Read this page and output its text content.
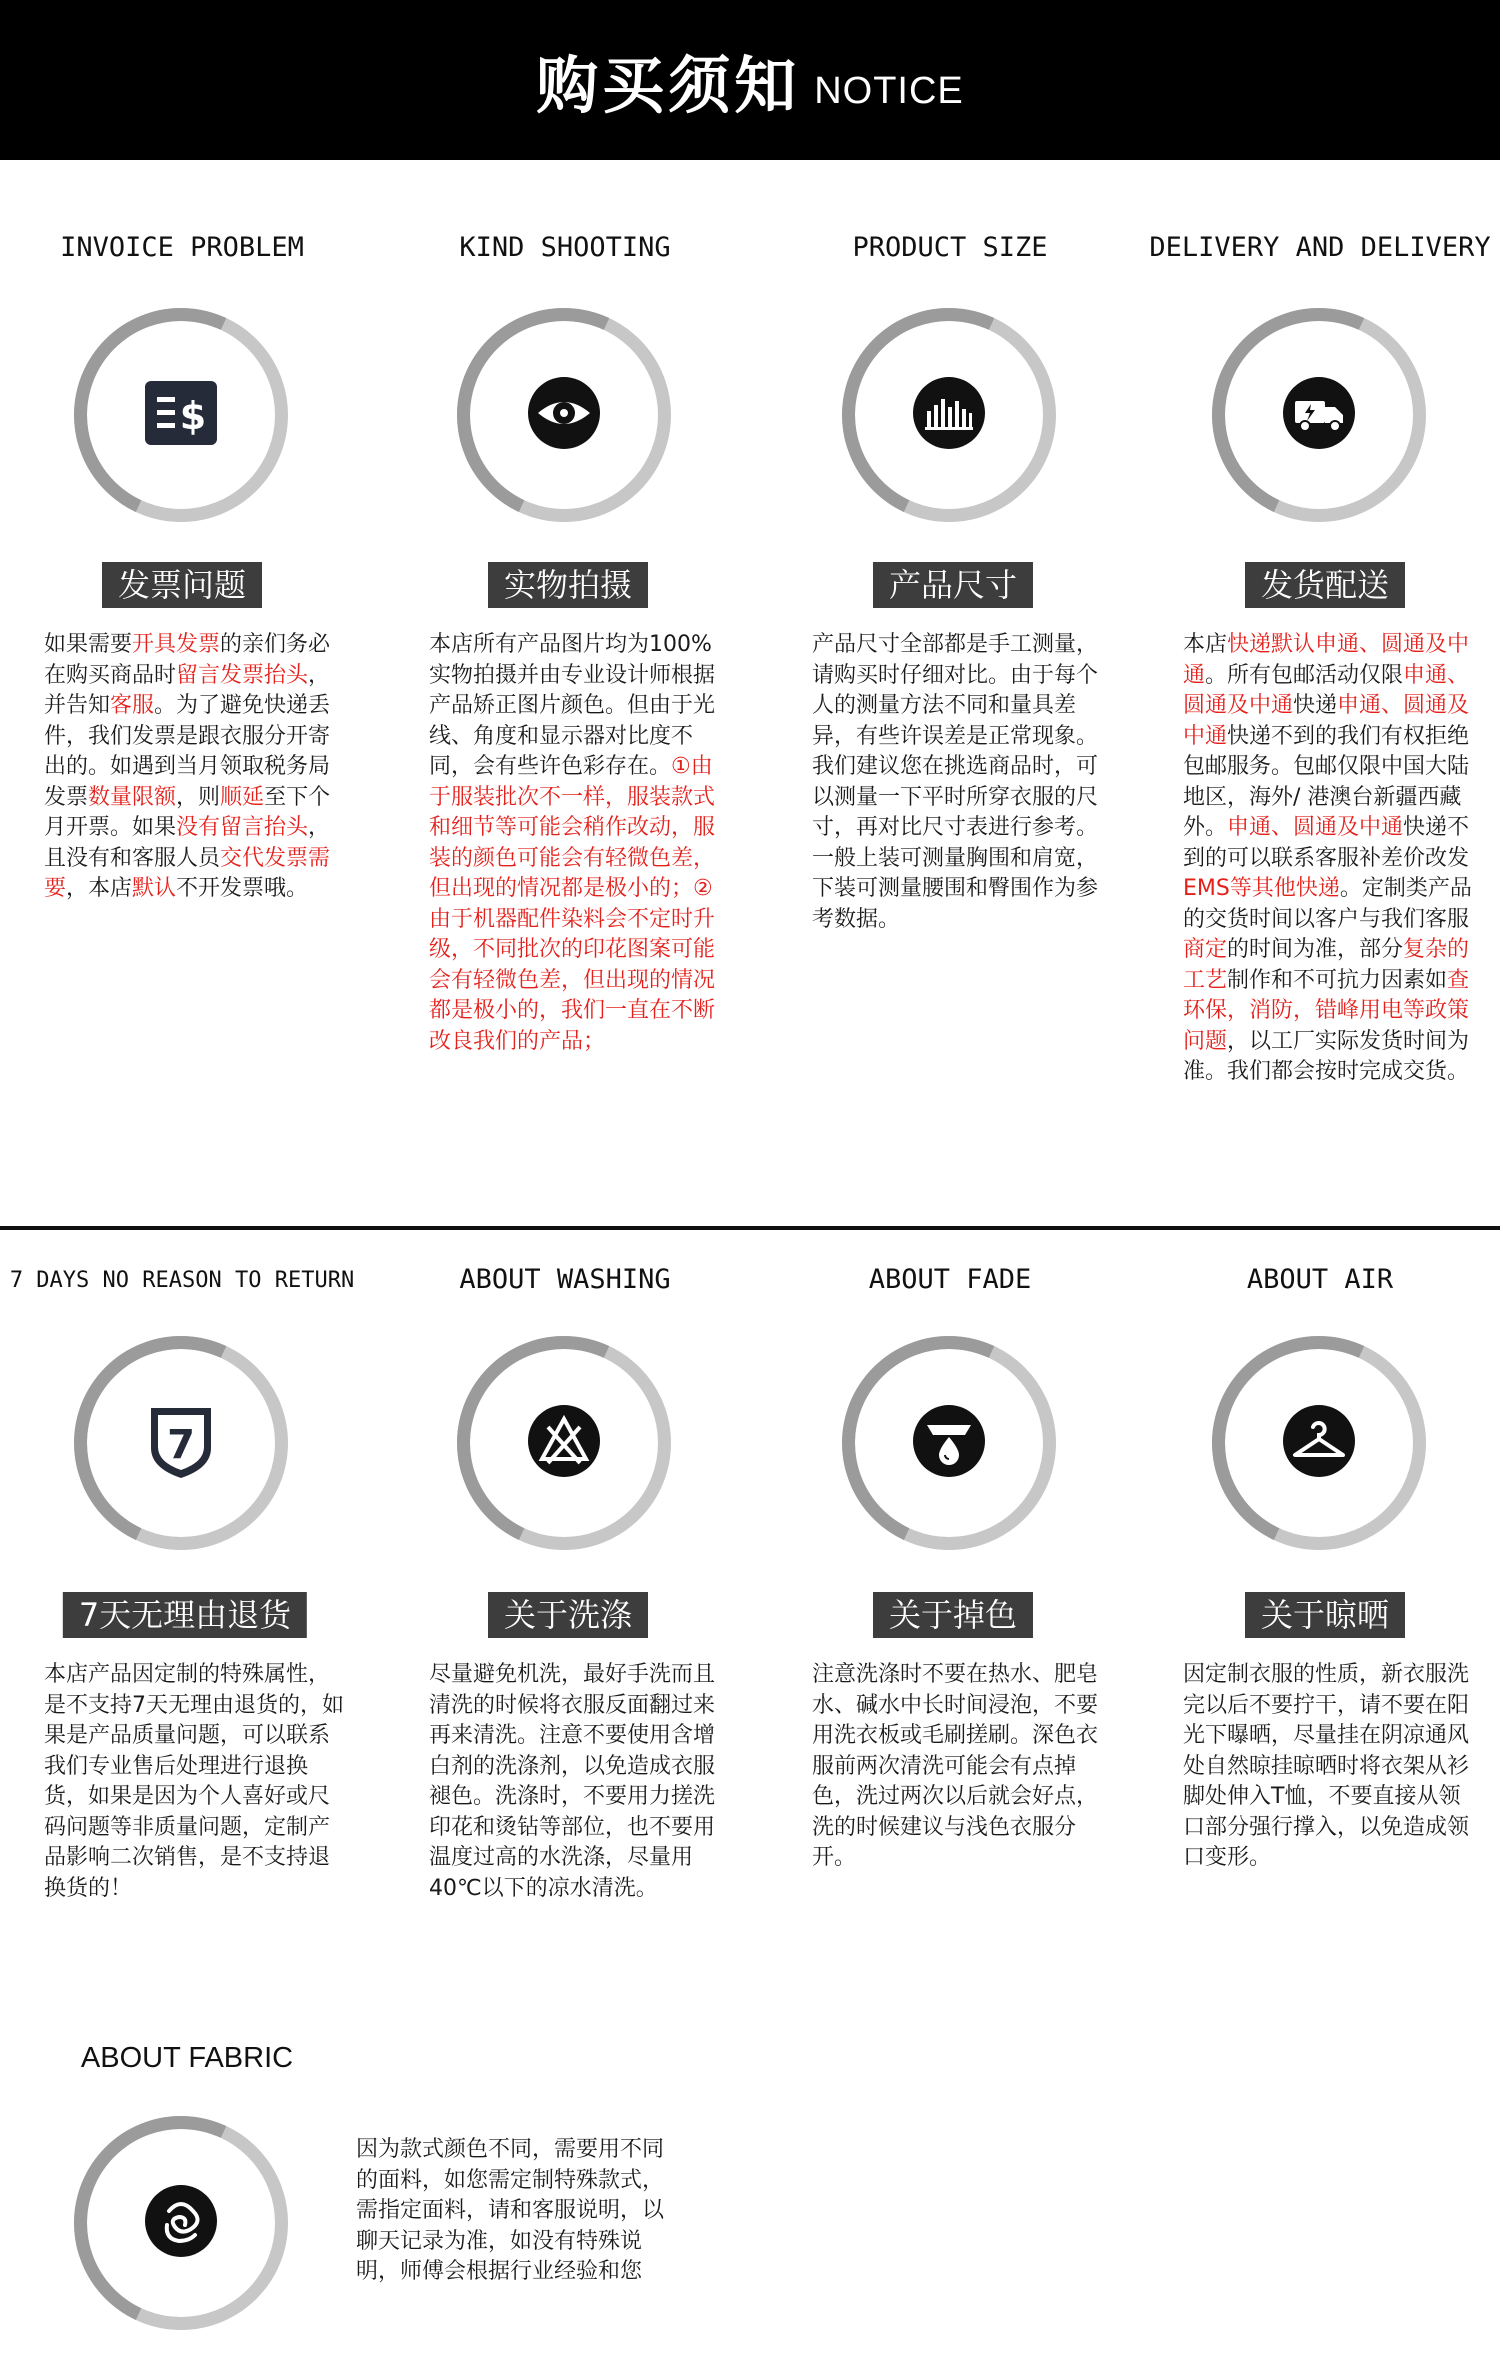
购买须知 NOTICE
INVOICE PROBLEM
$
发票问题
如果需要开具发票的亲们务必在购买商品时留言发票抬头，并告知客服。为了避免快递丢件，我们发票是跟衣服分开寄出的。如遇到当月领取税务局发票数量限额，则顺延至下个月开票。如果没有留言抬头，且没有和客服人员交代发票需要，本店默认不开发票哦。
KIND SHOOTING
实物拍摄
本店所有产品图片均为100%实物拍摄并由专业设计师根据产品矫正图片颜色。但由于光线、角度和显示器对比度不同，会有些许色彩存在。①由于服装批次不一样，服装款式和细节等可能会稍作改动，服装的颜色可能会有轻微色差，但出现的情况都是极小的；②由于机器配件染料会不定时升级，不同批次的印花图案可能会有轻微色差，但出现的情况都是极小的，我们一直在不断改良我们的产品；
PRODUCT SIZE
产品尺寸
产品尺寸全部都是手工测量，请购买时仔细对比。由于每个人的测量方法不同和量具差异，有些许误差是正常现象。我们建议您在挑选商品时，可以测量一下平时所穿衣服的尺寸，再对比尺寸表进行参考。一般上装可测量胸围和肩宽，下装可测量腰围和臀围作为参考数据。
DELIVERY AND DELIVERY
发货配送
本店快递默认申通、圆通及中通。所有包邮活动仅限申通、圆通及中通快递申通、圆通及中通快递不到的我们有权拒绝包邮服务。包邮仅限中国大陆地区，海外/ 港澳台新疆西藏外。申通、圆通及中通快递不到的可以联系客服补差价改发 EMS等其他快递。定制类产品的交货时间以客户与我们客服商定的时间为准，部分复杂的工艺制作和不可抗力因素如查环保，消防，错峰用电等政策问题，以工厂实际发货时间为准。我们都会按时完成交货。
7 DAYS NO REASON TO RETURN
7
7天无理由退货
本店产品因定制的特殊属性，是不支持7天无理由退货的，如果是产品质量问题，可以联系我们专业售后处理进行退换货，如果是因为个人喜好或尺码问题等非质量问题，定制产品影响二次销售，是不支持退换货的！
ABOUT WASHING
关于洗涤
尽量避免机洗，最好手洗而且清洗的时候将衣服反面翻过来再来清洗。注意不要使用含增白剂的洗涤剂，以免造成衣服褪色。洗涤时，不要用力搓洗印花和烫钻等部位，也不要用温度过高的水洗涤，尽量用40℃以下的凉水清洗。
ABOUT FADE
关于掉色
注意洗涤时不要在热水、肥皂水、碱水中长时间浸泡，不要用洗衣板或毛刷搓刷。深色衣服前两次清洗可能会有点掉色，洗过两次以后就会好点，洗的时候建议与浅色衣服分开。
ABOUT AIR
关于晾晒
因定制衣服的性质，新衣服洗完以后不要拧干，请不要在阳光下曝晒，尽量挂在阴凉通风处自然晾挂晾晒时将衣架从衫脚处伸入T恤，不要直接从领口部分强行撑入，以免造成领口变形。
ABOUT FABRIC
因为款式颜色不同，需要用不同的面料，如您需定制特殊款式，需指定面料，请和客服说明，以聊天记录为准，如没有特殊说明，师傅会根据行业经验和您
